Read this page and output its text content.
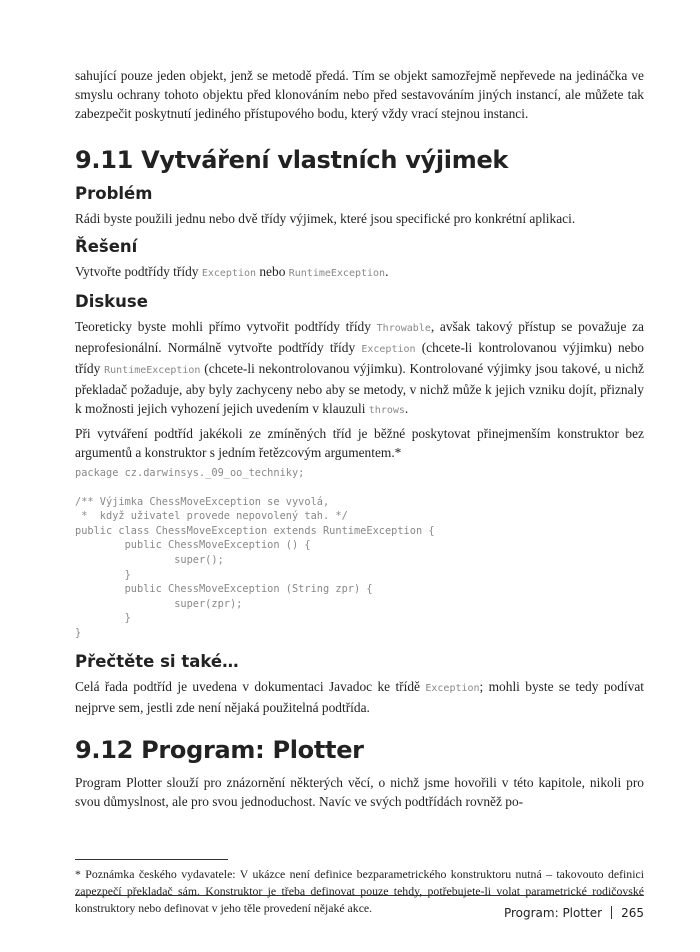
sahující pouze jeden objekt, jenž se metodě předá. Tím se objekt samozřejmě nepřevede na jedináčka ve smyslu ochrany tohoto objektu před klonováním nebo před sestavováním jiných instancí, ale můžete tak zabezpečit poskytnutí jediného přístupového bodu, který vždy vrací stejnou instanci.

9.11 Vytváření vlastních výjimek
Problém

Rádi byste použili jednu nebo dvě třídy výjimek, které jsou specifické pro konkrétní aplikaci.

Řešení

Vytvořte podtřídy třídy Exception nebo RuntimeException.

Diskuse

Teoreticky byste mohli přímo vytvořit podtřídy třídy Throwable, avšak takový přístup se považuje za neprofesionální. Normálně vytvořte podtřídy třídy Exception (chcete-li kontrolovanou výjimku) nebo třídy RuntimeException (chcete-li nekontrolovanou výjimku). Kontrolované výjimky jsou takové, u nichž překladač požaduje, aby byly zachyceny nebo aby se metody, v nichž může k jejich vzniku dojít, přiznaly k možnosti jejich vyhození jejich uvedením v klauzuli throws.

Při vytváření podtříd jakékoli ze zmíněných tříd je běžné poskytovat přinejmenším konstruktor bez argumentů a konstruktor s jedním řetězcovým argumentem.*

package cz.darwinsys._09_oo_techniky;
/** Výjimka ChessMoveException se vyvolá,
*  když uživatel provede nepovolený tah. */
public class ChessMoveException extends RuntimeException {
public ChessMoveException () {
super();
}
public ChessMoveException (String zpr) {
super(zpr);
}
}
Přečtěte si také…

Celá řada podtříd je uvedena v dokumentaci Javadoc ke třídě Exception; mohli byste se tedy podívat nejprve sem, jestli zde není nějaká použitelná podtřída.

9.12 Program: Plotter

Program Plotter slouží pro znázornění některých věcí, o nichž jsme hovořili v této kapitole, nikoli pro svou důmyslnost, ale pro svou jednoduchost. Navíc ve svých podtřídách rovněž po-

* Poznámka českého vydavatele: V ukázce není definice bezparametrického konstruktoru nutná – takovouto definici zapezpečí překladač sám. Konstruktor je třeba definovat pouze tehdy, potřebujete-li volat parametrické rodičovské konstruktory nebo definovat v jeho těle provedení nějaké akce.	Program: Plotter 265
